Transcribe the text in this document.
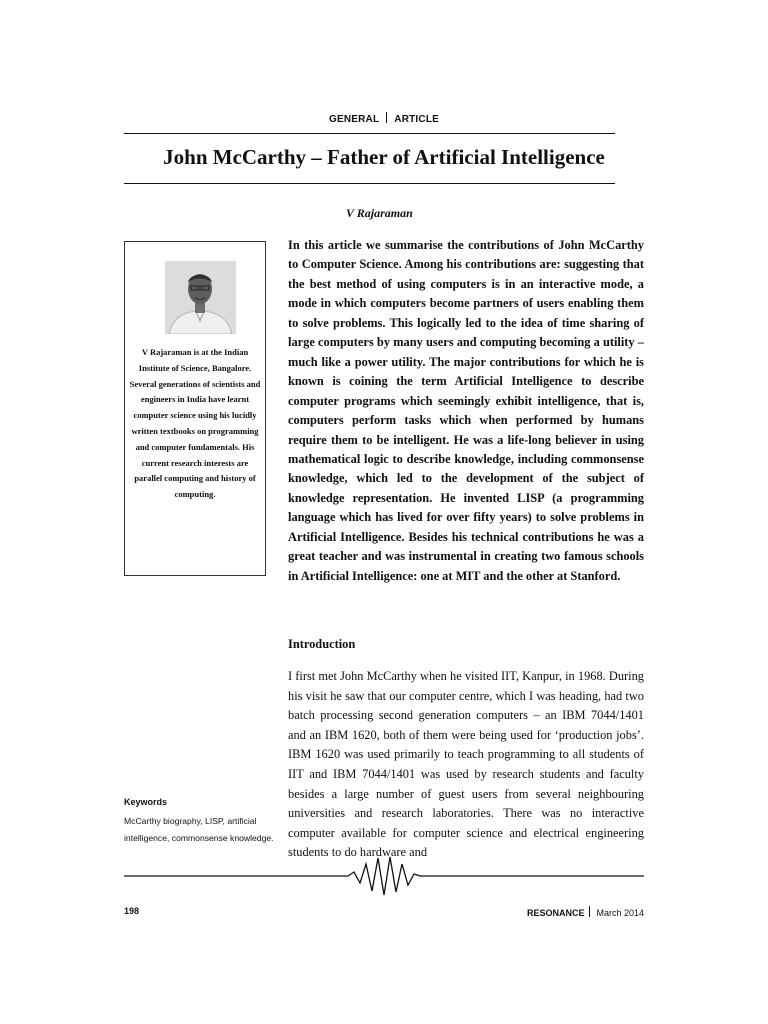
GENERAL ARTICLE
John McCarthy – Father of Artificial Intelligence
V Rajaraman
V Rajaraman is at the Indian Institute of Science, Bangalore. Several generations of scientists and engineers in India have learnt computer science using his lucidly written textbooks on programming and computer fundamentals. His current research interests are parallel computing and history of computing.
In this article we summarise the contributions of John McCarthy to Computer Science. Among his contributions are: suggesting that the best method of using computers is in an interactive mode, a mode in which computers become partners of users enabling them to solve problems. This logically led to the idea of time sharing of large computers by many users and computing becoming a utility – much like a power utility. The major contributions for which he is known is coining the term Artificial Intelligence to describe computer programs which seemingly exhibit intelligence, that is, computers perform tasks which when performed by humans require them to be intelligent. He was a life-long believer in using mathematical logic to describe knowledge, including commonsense knowledge, which led to the development of the subject of knowledge representation. He invented LISP (a programming language which has lived for over fifty years) to solve problems in Artificial Intelligence. Besides his technical contributions he was a great teacher and was instrumental in creating two famous schools in Artificial Intelligence: one at MIT and the other at Stanford.
Introduction
I first met John McCarthy when he visited IIT, Kanpur, in 1968. During his visit he saw that our computer centre, which I was heading, had two batch processing second generation computers – an IBM 7044/1401 and an IBM 1620, both of them were being used for ‘production jobs’. IBM 1620 was used primarily to teach programming to all students of IIT and IBM 7044/1401 was used by research students and faculty besides a large number of guest users from several neighbouring universities and research laboratories. There was no interactive computer available for computer science and electrical engineering students to do hardware and
Keywords
McCarthy biography, LISP, artificial intelligence, commonsense knowledge.
198	RESONANCE March 2014
